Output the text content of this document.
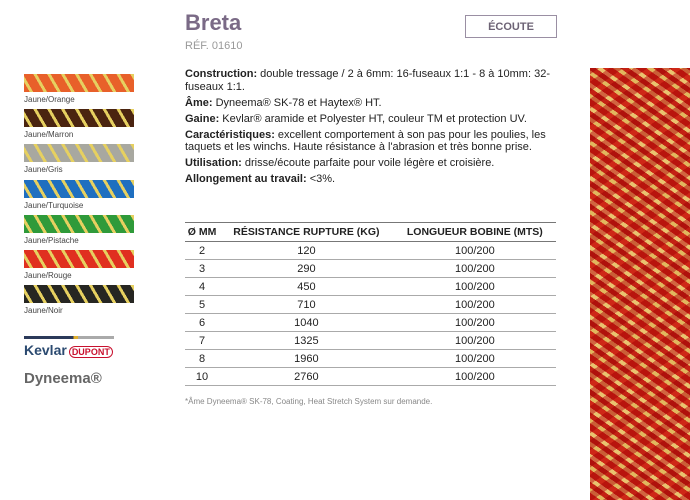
Breta
RÉF. 01610
ÉCOUTE

Construction: double tressage / 2 à 6mm: 16-fuseaux 1:1 - 8 à 10mm: 32-fuseaux 1:1.

Âme: Dyneema® SK-78 et Haytex® HT.

Gaine: Kevlar® aramide et Polyester HT, couleur TM et protection UV.

Caractéristiques: excellent comportement à son pas pour les poulies, les taquets et les winchs. Haute résistance à l'abrasion et très bonne prise.

Utilisation: drisse/écoute parfaite pour voile légère et croisière.

Allongement au travail: <3%.

Jaune/Orange
Jaune/Marron
Jaune/Gris
Jaune/Turquoise
Jaune/Pistache
Jaune/Rouge
Jaune/Noir
Kevlar DUPONT
Dyneema®
Ø MM	RÉSISTANCE RUPTURE (KG)	LONGUEUR BOBINE (MTS)
2	120	100/200
3	290	100/200
4	450	100/200
5	710	100/200
6	1040	100/200
7	1325	100/200
8	1960	100/200
10	2760	100/200
*Âme Dyneema® SK-78, Coating, Heat Stretch System sur demande.
